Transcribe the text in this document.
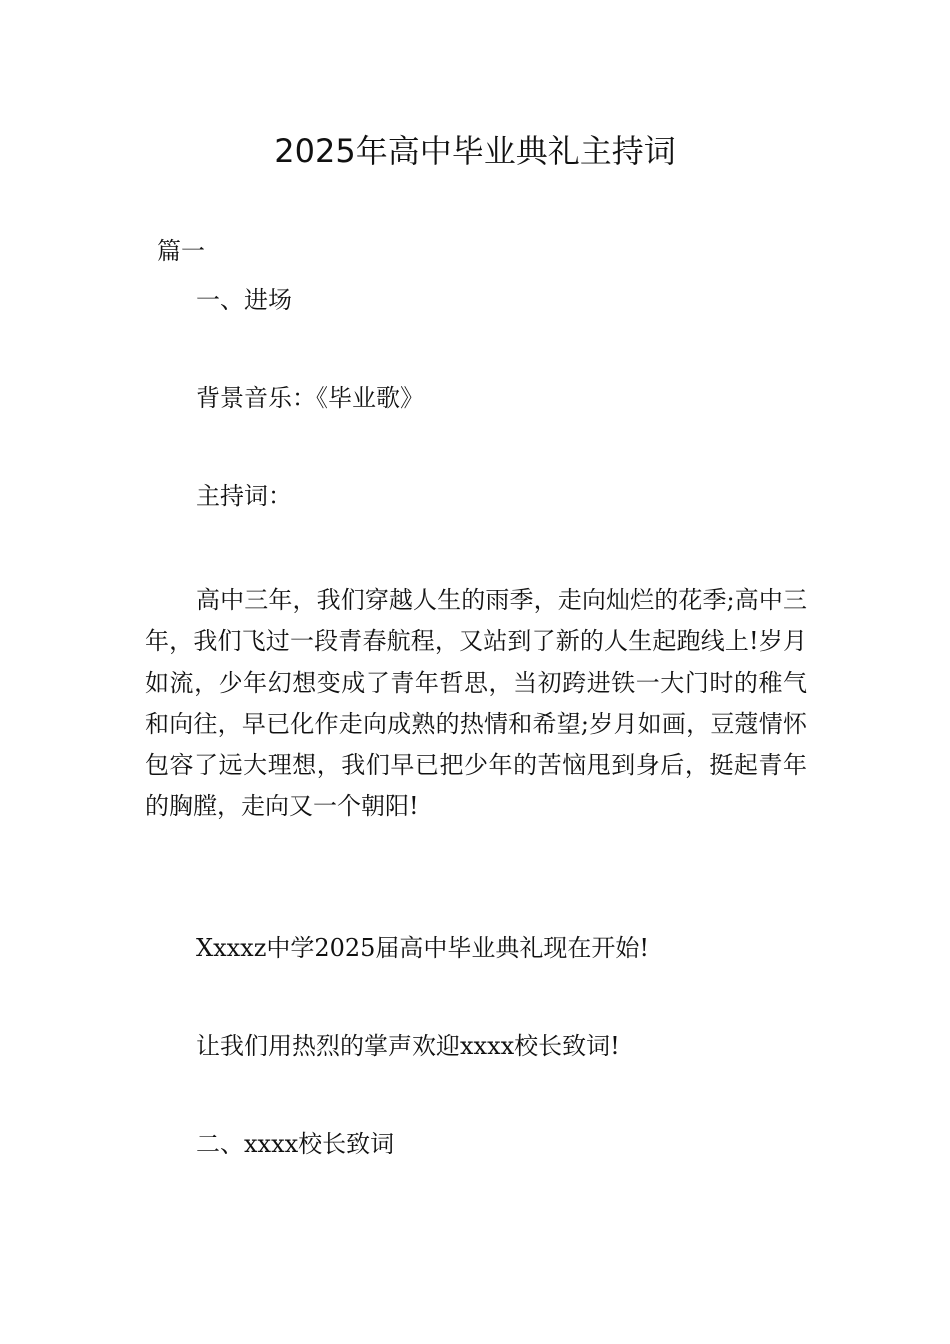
2025年高中毕业典礼主持词
篇一
一、进场
背景音乐：《毕业歌》
主持词：
高中三年，我们穿越人生的雨季，走向灿烂的花季;高中三年，我们飞过一段青春航程，又站到了新的人生起跑线上!岁月如流，少年幻想变成了青年哲思，当初跨进铁一大门时的稚气和向往，早已化作走向成熟的热情和希望;岁月如画，豆蔻情怀包容了远大理想，我们早已把少年的苦恼甩到身后，挺起青年的胸膛，走向又一个朝阳!
Xxxxz中学2025届高中毕业典礼现在开始!
让我们用热烈的掌声欢迎xxxx校长致词!
二、xxxx校长致词
